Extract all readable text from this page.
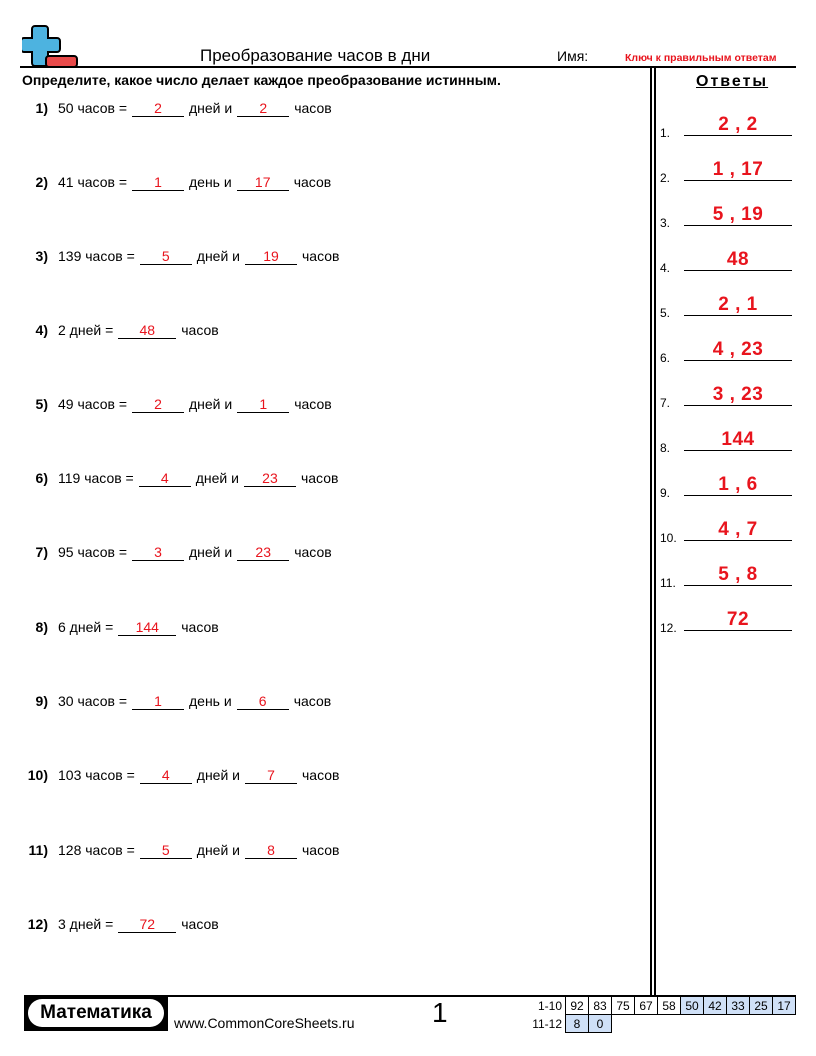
Преобразование часов в дни	Имя:	Ключ к правильным ответам
Определите, какое число делает каждое преобразование истинным.	Ответы
1) 50 часов =	2	дней и	2	часов
2) 41 часов =	1	день и	17	часов
3) 139 часов =	5	дней и	19	часов
4) 2 дней =	48	часов
5) 49 часов =	2	дней и	1	часов
6) 119 часов =	4	дней и	23	часов
7) 95 часов =	3	дней и	23	часов
8) 6 дней =	144	часов
9) 30 часов =	1	день и	6	часов
10) 103 часов =	4	дней и	7	часов
11) 128 часов =	5	дней и	8	часов
12) 3 дней =	72	часов
1.	2 , 2
2.	1 , 17
3.	5 , 19
4.	48
5.	2 , 1
6.	4 , 23
7.	3 , 23
8.	144
9.	1 , 6
10.	4 , 7
11.	5 , 8
12.	72
Математика	www.CommonCoreSheets.ru	1	1-10	92	83	75	67	58	50	42	33	25	17
11-12	8	0								
